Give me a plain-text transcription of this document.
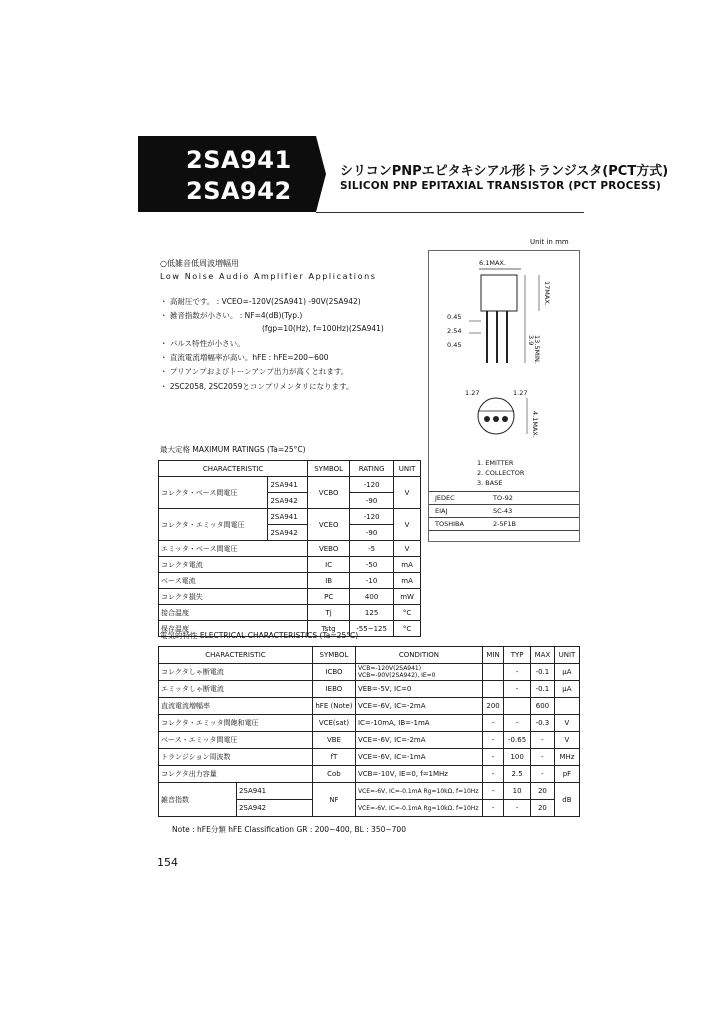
2SA941
2SA942
シリコンPNPエピタキシアル形トランジスタ(PCT方式)
SILICON PNP EPITAXIAL TRANSISTOR (PCT PROCESS)
○低雑音低周波増幅用
Low Noise Audio Amplifier Applications
・ 高耐圧です。 : VCEO=-120V(2SA941) -90V(2SA942)
・ 雑音指数が小さい。 : NF=4(dB)(Typ.)
(fgp=10(Hz), f=100Hz)(2SA941)
・ パルス特性が小さい。
・ 直流電流増幅率が高い。hFE : hFE=200~600
・ プリアンプおよびトーンアンプ出力が高くとれます。
・ 2SC2058, 2SC2059とコンプリメンタリになります。
Unit in mm
6.1MAX.
17MAX.
3.9
13.5MIN.
0.45
2.54
0.45
1.27
4.1MAX.
1.27
1. EMITTER
2. COLLECTOR
3. BASE
JEDEC	TO-92
EIAJ	SC-43
TOSHIBA	2-5F1B
最大定格 MAXIMUM RATINGS (Ta=25°C)
CHARACTERISTIC		SYMBOL	RATING	UNIT
コレクタ・ベース間電圧	2SA941	VCBO	-120	V
	2SA942		-90	
コレクタ・エミッタ間電圧	2SA941	VCEO	-120	V
	2SA942		-90	
エミッタ・ベース間電圧		VEBO	-5	V
コレクタ電流		IC	-50	mA
ベース電流		IB	-10	mA
コレクタ損失		PC	400	mW
接合温度		Tj	125	°C
保存温度		Tstg	-55~125	°C
電気的特性 ELECTRICAL CHARACTERISTICS (Ta=25°C)
CHARACTERISTIC		SYMBOL	CONDITION	MIN	TYP	MAX	UNIT
コレクタしゃ断電流		ICBO	VCB=-120V(2SA941) VCB=-90V(2SA942), IE=0		-	-0.1	μA
エミッタしゃ断電流		IEBO	VEB=-5V, IC=0		-	-0.1	μA
直流電流増幅率		hFE (Note)	VCE=-6V, IC=-2mA	200		600	
コレクタ・エミッタ間飽和電圧		VCE(sat)	IC=-10mA, IB=-1mA	-	-	-0.3	V
ベース・エミッタ間電圧		VBE	VCE=-6V, IC=-2mA	-	-0.65	-	V
トランジション周波数		fT	VCE=-6V, IC=-1mA	-	100	-	MHz
コレクタ出力容量		Cob	VCB=-10V, IE=0, f=1MHz	-	2.5	-	pF
雑音指数	2SA941	NF	VCE=-6V, IC=-0.1mA Rg=10kΩ, f=10Hz	-	10	20	dB
	2SA942		VCE=-6V, IC=-0.1mA Rg=10kΩ, f=10Hz	-	-	20	
Note : hFE分類 hFE Classification GR : 200~400, BL : 350~700
154
